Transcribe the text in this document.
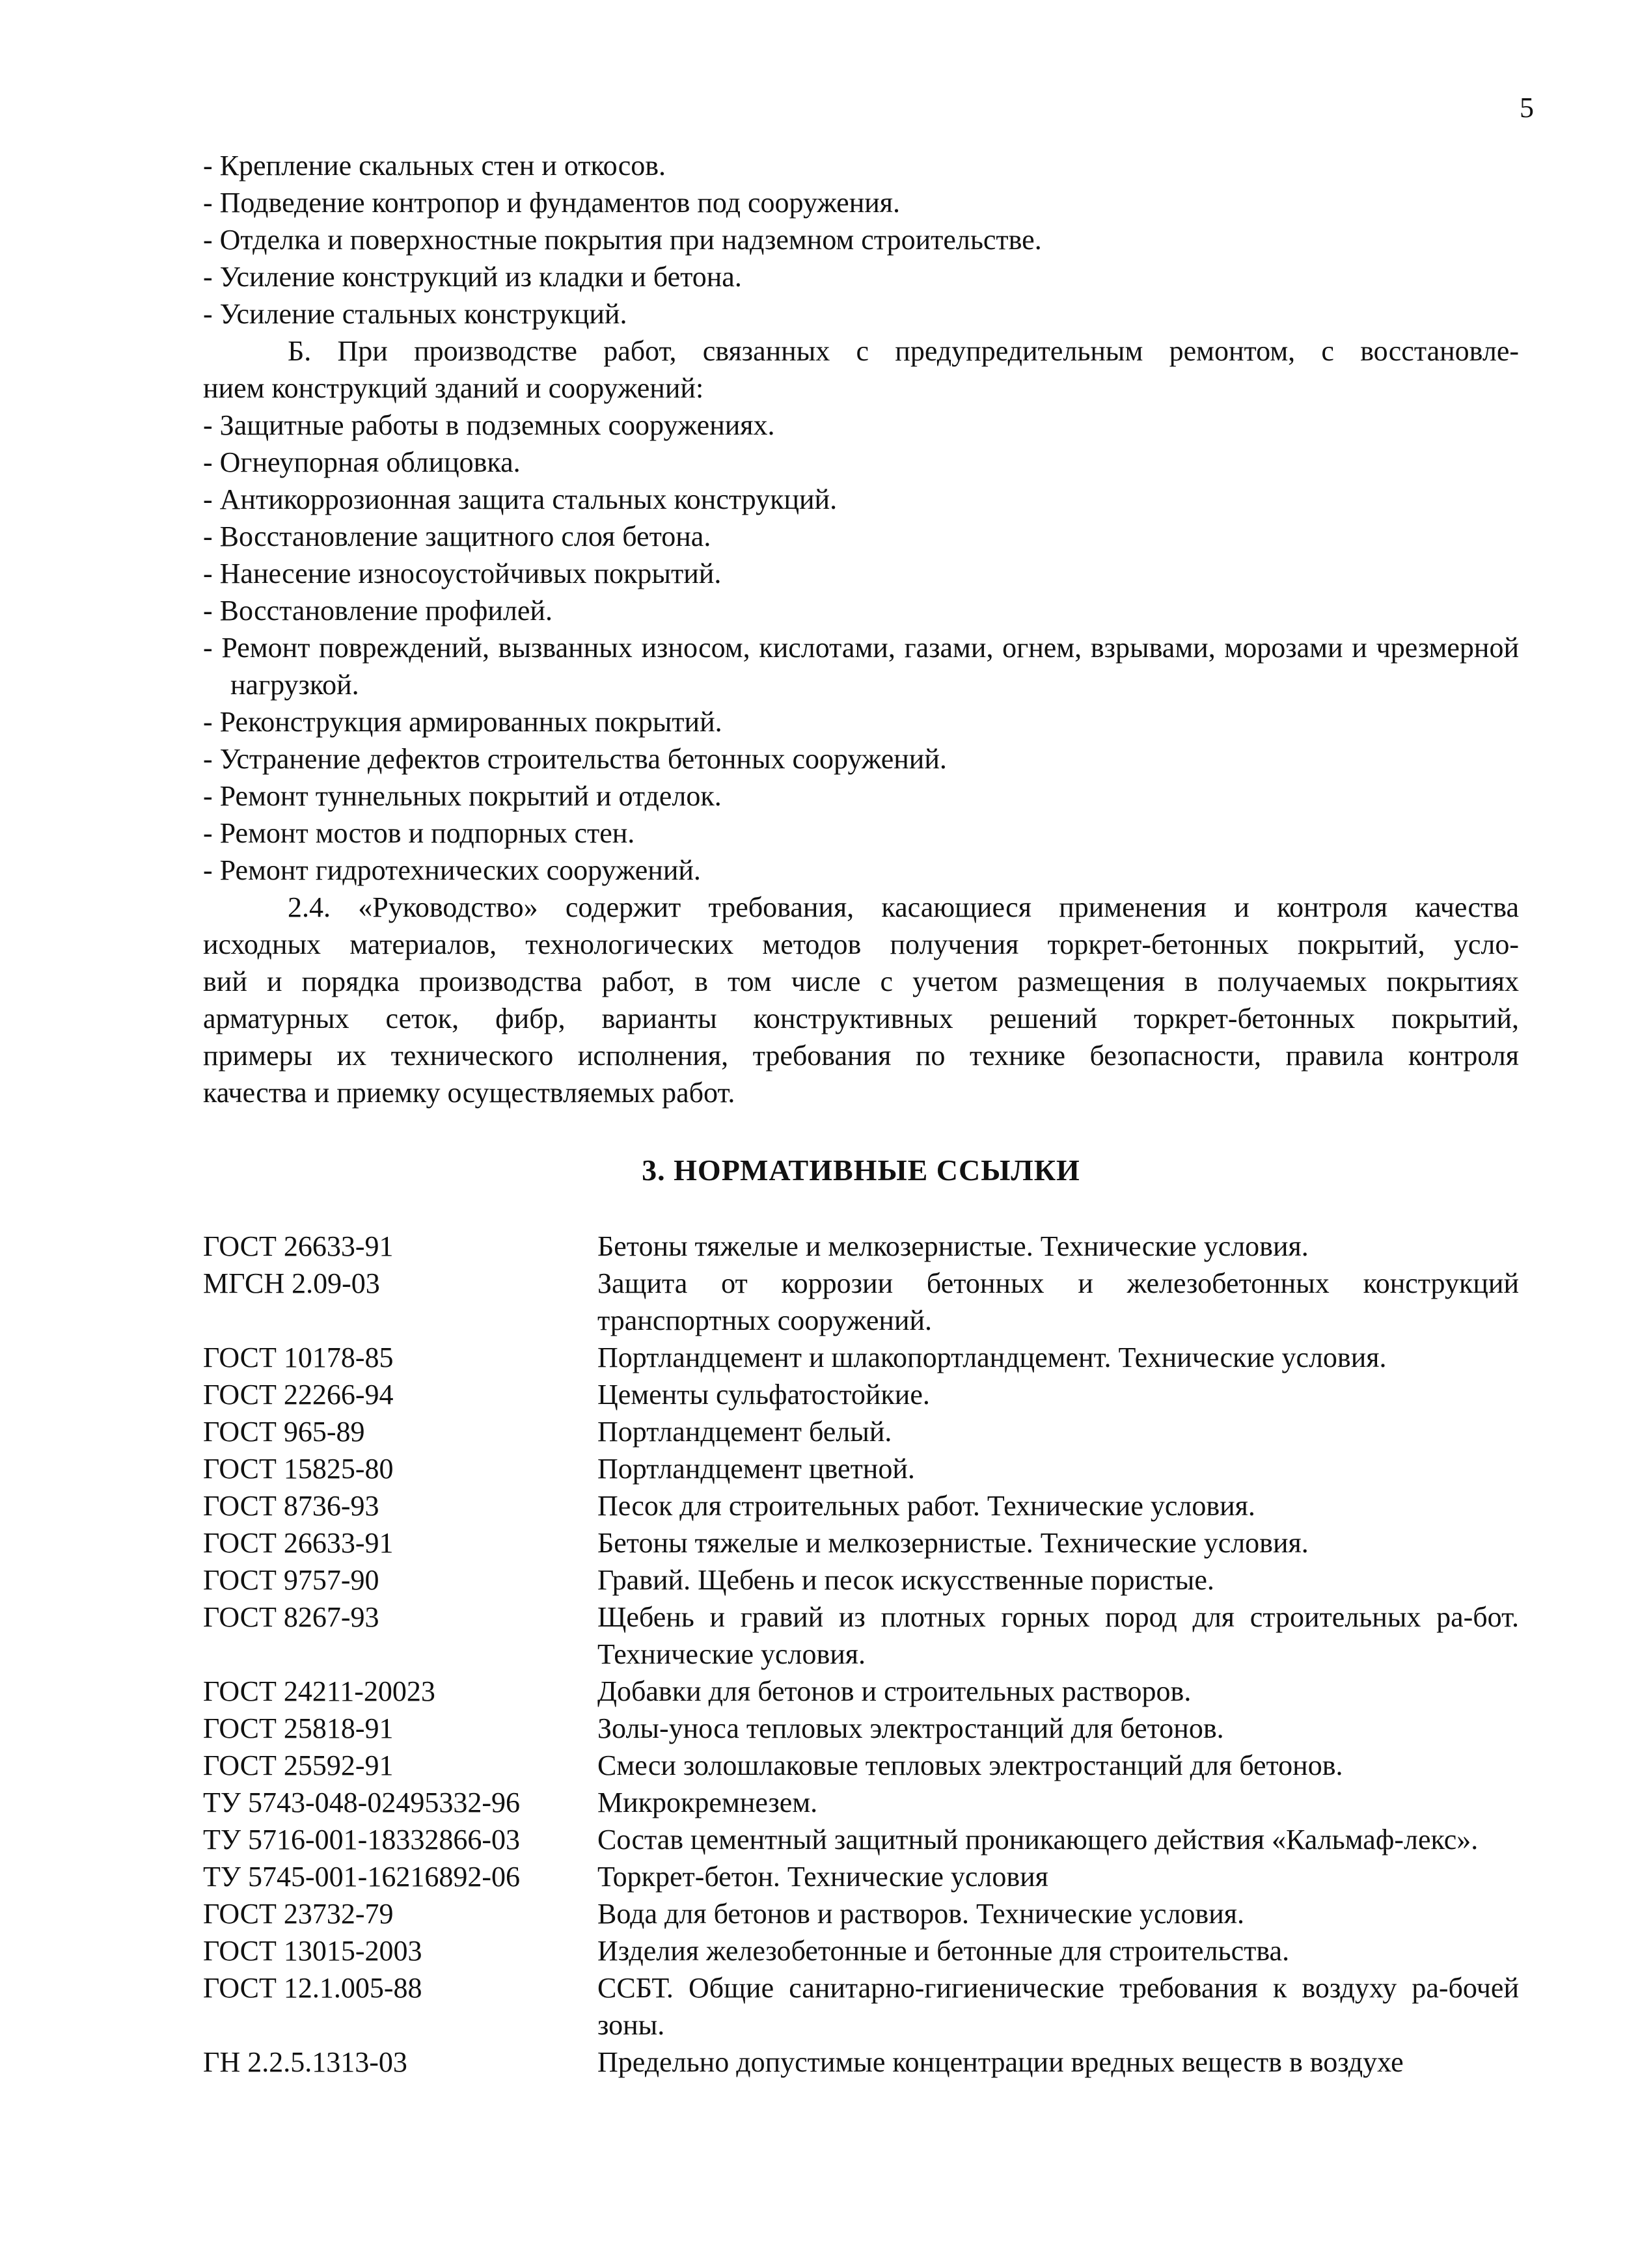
5
- Крепление скальных стен и откосов.
- Подведение контропор и фундаментов под сооружения.
- Отделка и поверхностные покрытия при надземном строительстве.
- Усиление конструкций из кладки и бетона.
- Усиление стальных конструкций.
Б. При производстве работ, связанных с предупредительным ремонтом, с восстановле-
нием конструкций зданий и сооружений:
- Защитные работы в подземных сооружениях.
- Огнеупорная облицовка.
- Антикоррозионная защита стальных конструкций.
- Восстановление защитного слоя бетона.
- Нанесение износоустойчивых покрытий.
- Восстановление профилей.
- Ремонт повреждений, вызванных износом, кислотами, газами, огнем, взрывами, морозами и чрезмерной нагрузкой.
- Реконструкция армированных покрытий.
- Устранение дефектов строительства бетонных сооружений.
- Ремонт туннельных покрытий и отделок.
- Ремонт мостов и подпорных стен.
- Ремонт гидротехнических сооружений.
2.4. «Руководство» содержит требования, касающиеся применения и контроля качества
исходных материалов, технологических методов получения торкрет-бетонных покрытий, усло-
вий и порядка производства работ, в том числе с учетом размещения в получаемых покрытиях
арматурных сеток, фибр, варианты конструктивных решений торкрет-бетонных покрытий,
примеры их технического исполнения, требования по технике безопасности, правила контроля
качества и приемку осуществляемых работ.
3. НОРМАТИВНЫЕ ССЫЛКИ
ГОСТ 26633-91	Бетоны тяжелые и мелкозернистые. Технические условия.
МГСН 2.09-03	Защита от коррозии бетонных и железобетонных конструкций транспортных сооружений.
ГОСТ 10178-85	Портландцемент и шлакопортландцемент. Технические условия.
ГОСТ 22266-94	Цементы сульфатостойкие.
ГОСТ 965-89	Портландцемент белый.
ГОСТ 15825-80	Портландцемент цветной.
ГОСТ 8736-93	Песок для строительных работ. Технические условия.
ГОСТ 26633-91	Бетоны тяжелые и мелкозернистые. Технические условия.
ГОСТ 9757-90	Гравий. Щебень и песок искусственные пористые.
ГОСТ 8267-93	Щебень и гравий из плотных горных пород для строительных ра-бот. Технические условия.
ГОСТ 24211-20023	Добавки для бетонов и строительных растворов.
ГОСТ 25818-91	Золы-уноса тепловых электростанций для бетонов.
ГОСТ 25592-91	Смеси золошлаковые тепловых электростанций для бетонов.
ТУ 5743-048-02495332-96	Микрокремнезем.
ТУ 5716-001-18332866-03	Состав цементный защитный проникающего действия «Кальмаф-лекс».
ТУ 5745-001-16216892-06	Торкрет-бетон. Технические условия
ГОСТ 23732-79	Вода для бетонов и растворов. Технические условия.
ГОСТ 13015-2003	Изделия железобетонные и бетонные для строительства.
ГОСТ 12.1.005-88	ССБТ. Общие санитарно-гигиенические требования к воздуху ра-бочей зоны.
ГН 2.2.5.1313-03	Предельно допустимые концентрации вредных веществ в воздухе
